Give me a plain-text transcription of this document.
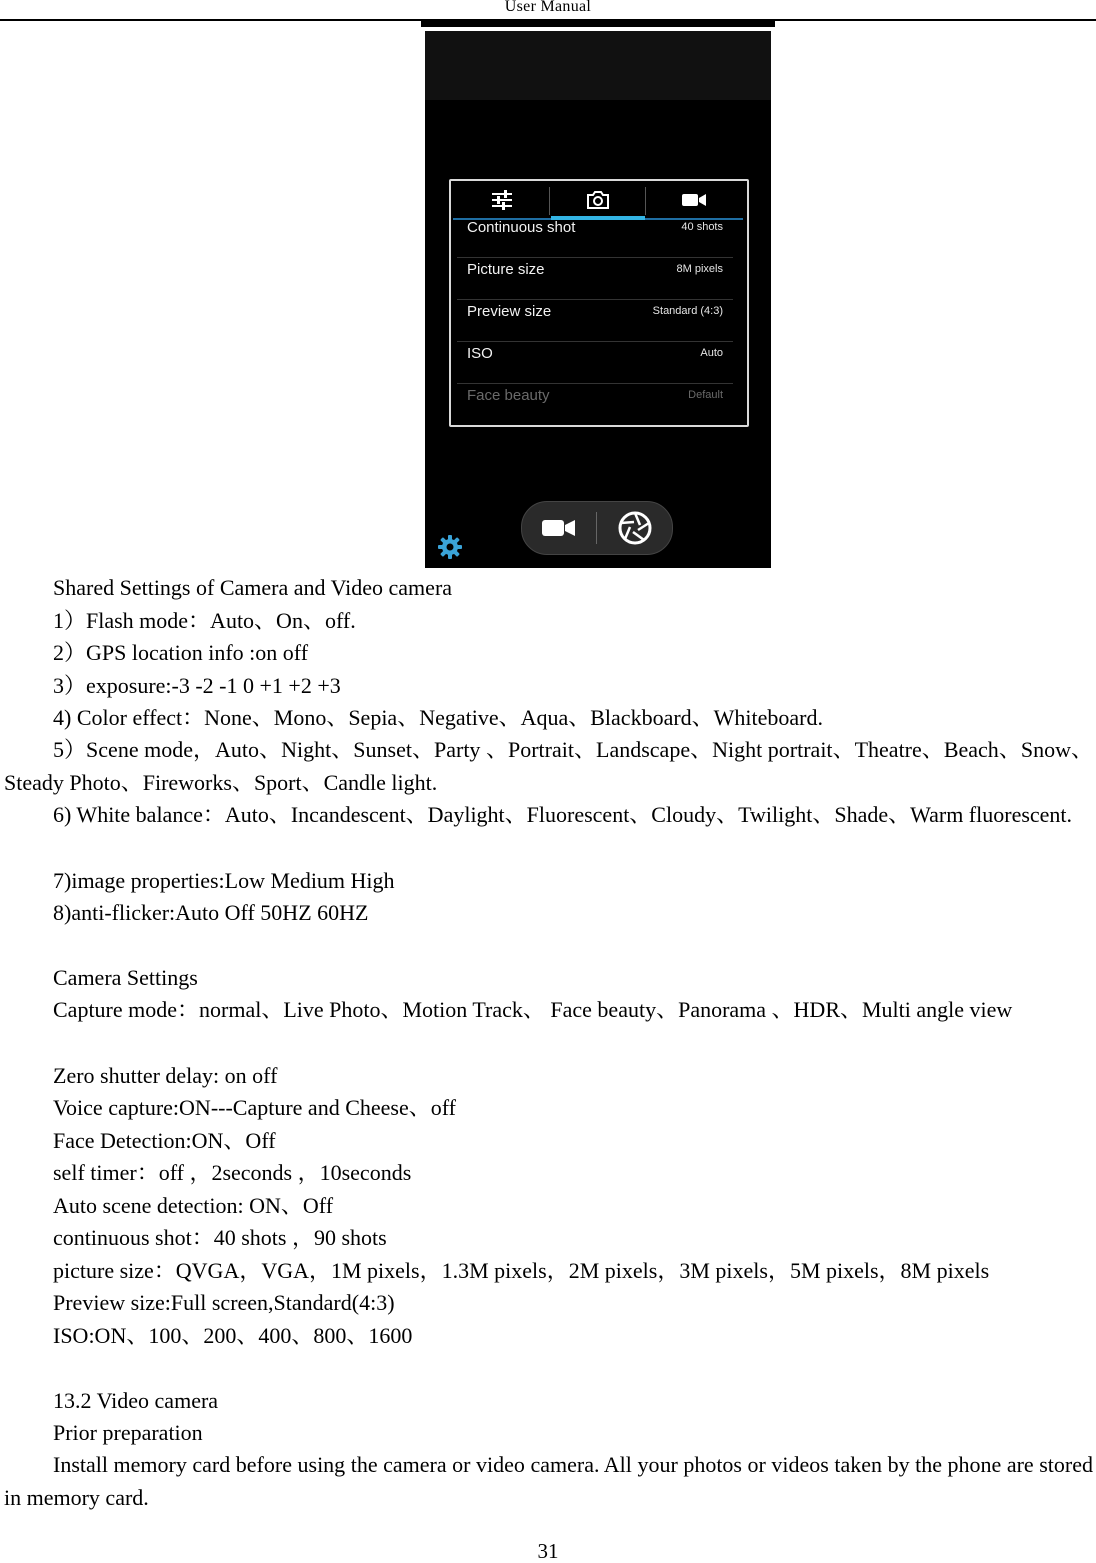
User Manual
Continuous shot	40 shots
Picture size	8M pixels
Preview size	Standard (4:3)
ISO	Auto
Face beauty	Default
Shared Settings of Camera and Video camera
1）Flash mode：Auto、On、off.
2）GPS location info :on off
3）exposure:-3 -2 -1 0 +1 +2 +3
4) Color effect：None、Mono、Sepia、Negative、Aqua、Blackboard、Whiteboard.
5）Scene mode，Auto、Night、Sunset、Party 、Portrait、Landscape、Night portrait、Theatre、Beach、Snow、Steady Photo、Fireworks、Sport、Candle light.
6) White balance：Auto、Incandescent、Daylight、Fluorescent、Cloudy、Twilight、Shade、Warm fluorescent.
7)image properties:Low Medium High
8)anti-flicker:Auto Off 50HZ 60HZ
Camera Settings
Capture mode：normal、Live Photo、Motion Track、 Face beauty、Panorama 、HDR、Multi angle view
Zero shutter delay: on off
Voice capture:ON---Capture and Cheese、off
Face Detection:ON、Off
self timer：off ，2seconds ，10seconds
Auto scene detection: ON、Off
continuous shot：40 shots ，90 shots
picture size：QVGA，VGA，1M pixels，1.3M pixels，2M pixels，3M pixels，5M pixels，8M pixels
Preview size:Full screen,Standard(4:3)
ISO:ON、100、200、400、800、1600
13.2 Video camera
Prior preparation
Install memory card before using the camera or video camera. All your photos or videos taken by the phone are stored in memory card.
31
